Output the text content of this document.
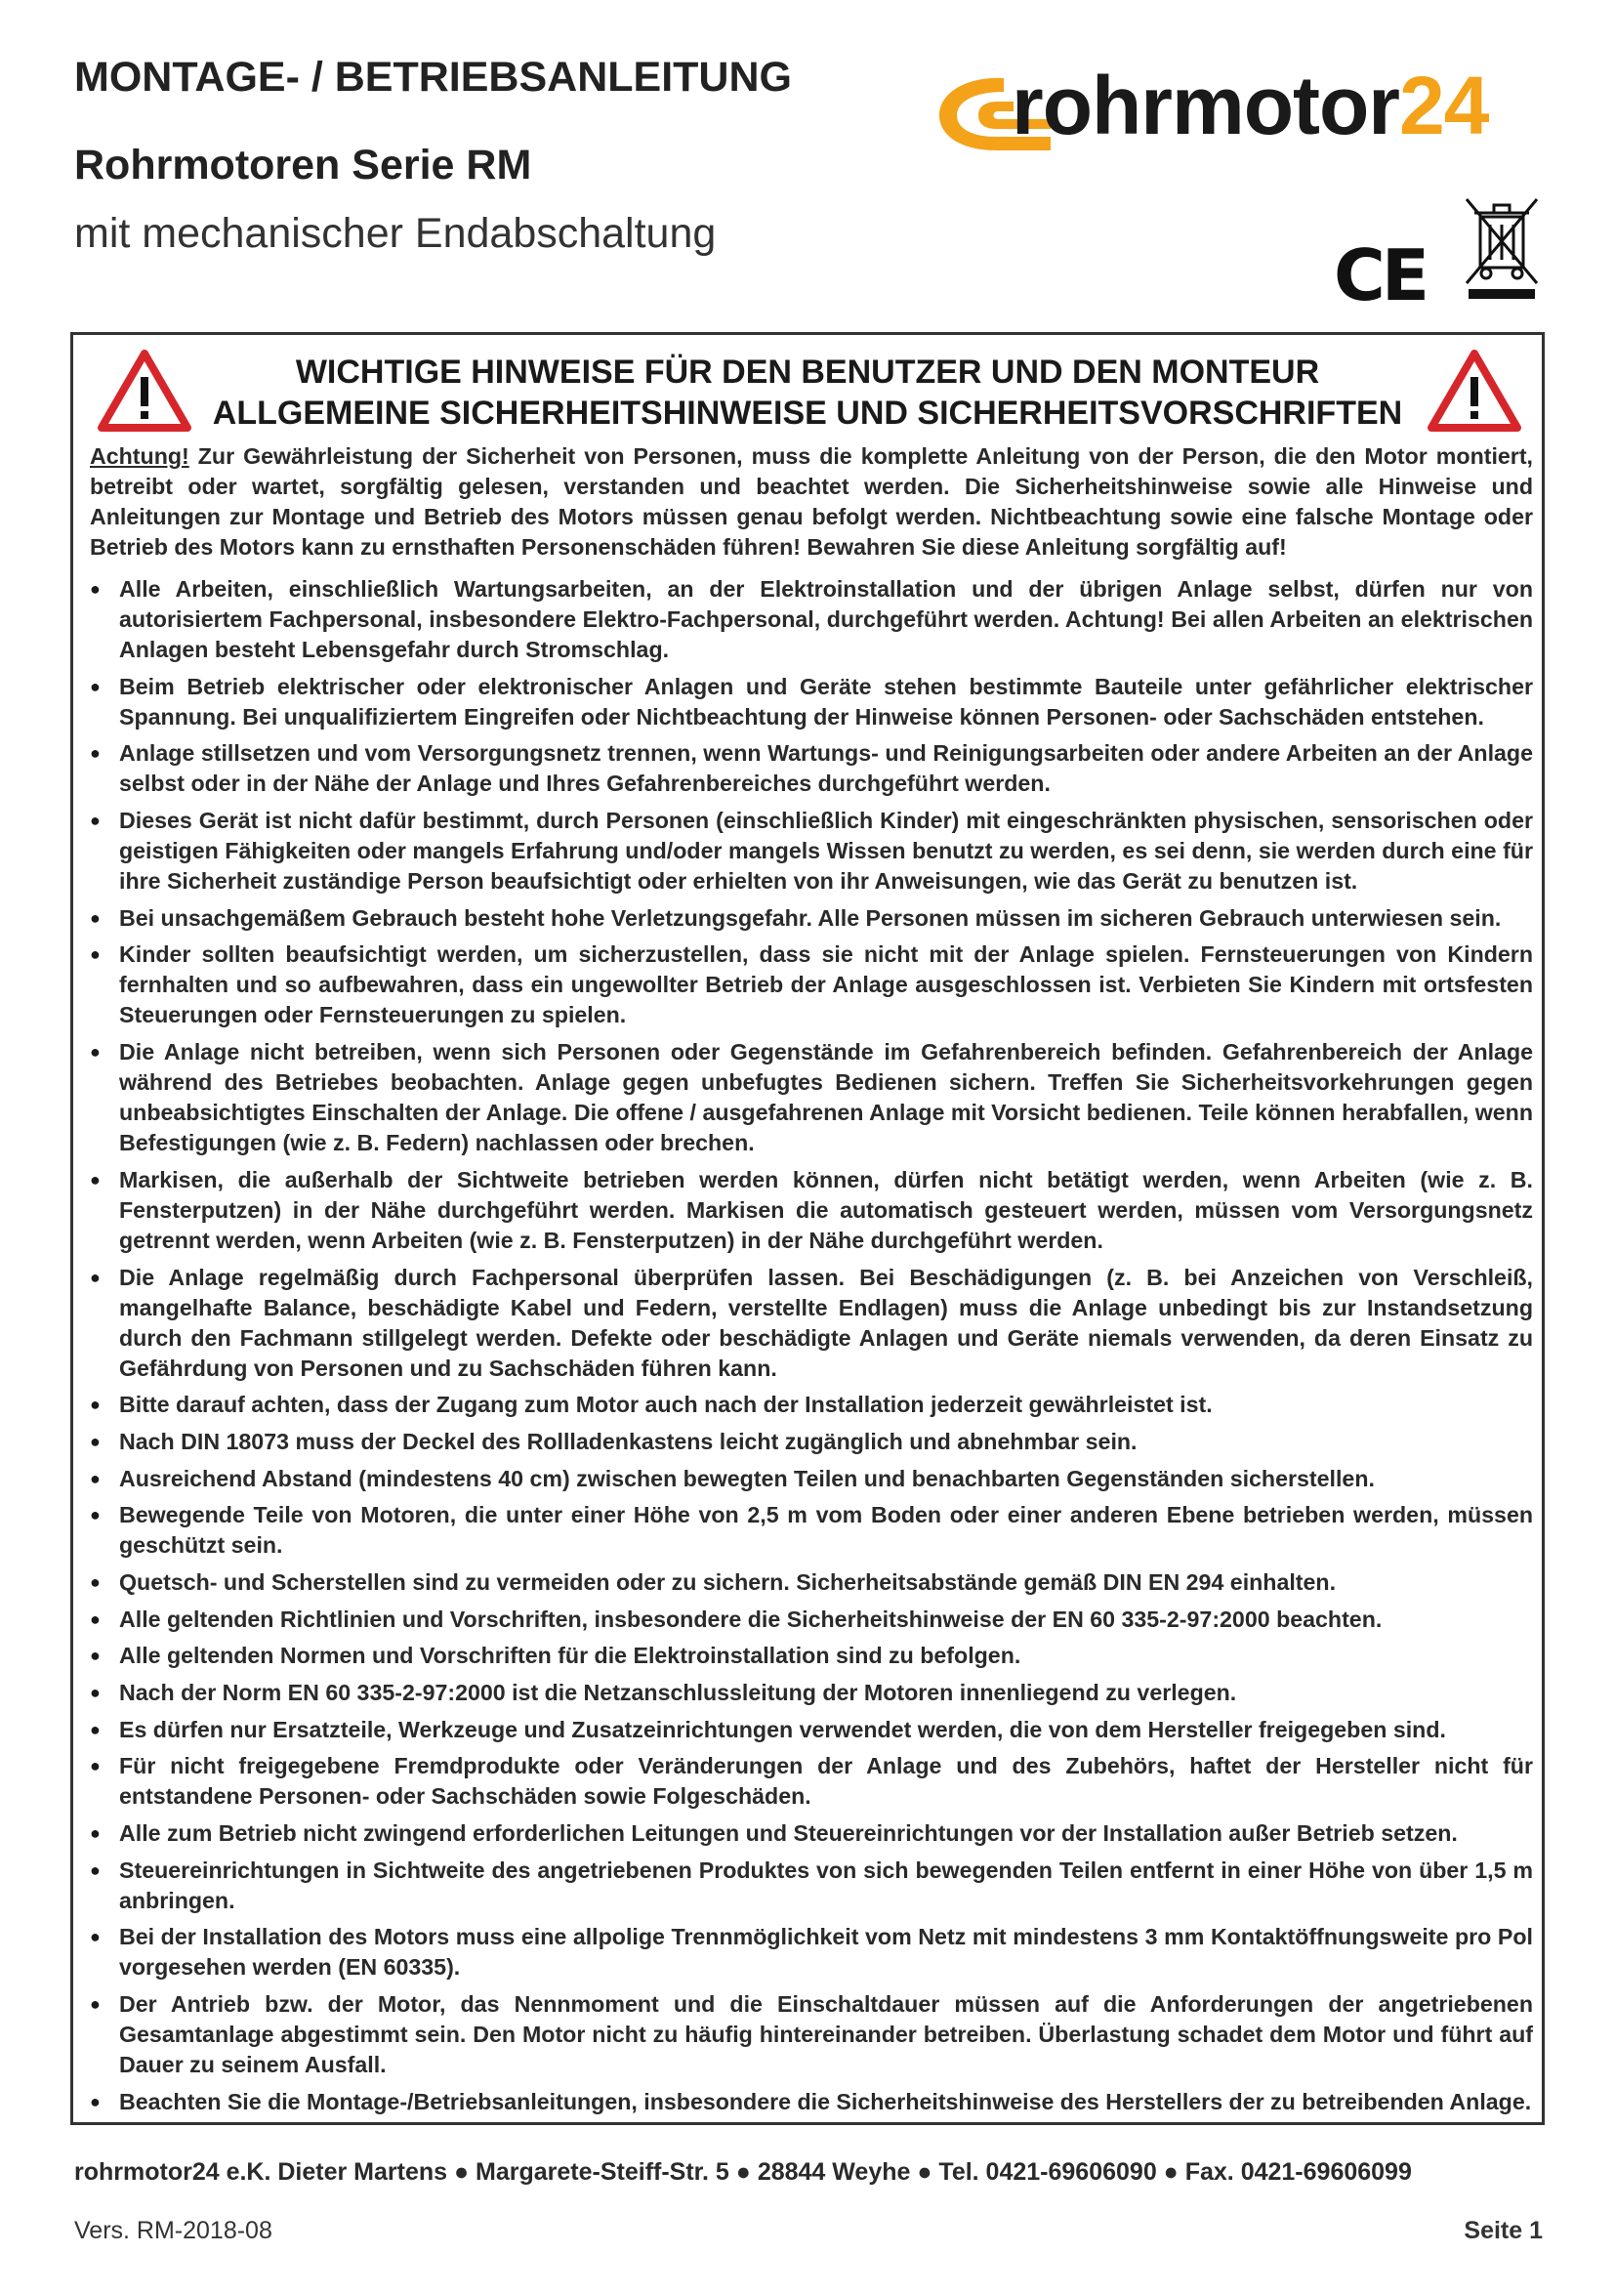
MONTAGE- / BETRIEBSANLEITUNG
Rohrmotoren Serie RM
mit mechanischer Endabschaltung
rohrmotor24
CE
WICHTIGE HINWEISE FÜR DEN BENUTZER UND DEN MONTEUR
ALLGEMEINE SICHERHEITSHINWEISE UND SICHERHEITSVORSCHRIFTEN
Achtung! Zur Gewährleistung der Sicherheit von Personen, muss die komplette Anleitung von der Person, die den Motor montiert, betreibt oder wartet, sorgfältig gelesen, verstanden und beachtet werden. Die Sicherheitshinweise sowie alle Hinweise und Anleitungen zur Montage und Betrieb des Motors müssen genau befolgt werden. Nichtbeachtung sowie eine falsche Montage oder Betrieb des Motors kann zu ernsthaften Personenschäden führen! Bewahren Sie diese Anleitung sorgfältig auf!
● Alle Arbeiten, einschließlich Wartungsarbeiten, an der Elektroinstallation und der übrigen Anlage selbst, dürfen nur von autorisiertem Fachpersonal, insbesondere Elektro-Fachpersonal, durchgeführt werden. Achtung! Bei allen Arbeiten an elektrischen Anlagen besteht Lebensgefahr durch Stromschlag.
● Beim Betrieb elektrischer oder elektronischer Anlagen und Geräte stehen bestimmte Bauteile unter gefährlicher elektrischer Spannung. Bei unqualifiziertem Eingreifen oder Nichtbeachtung der Hinweise können Personen- oder Sachschäden entstehen.
● Anlage stillsetzen und vom Versorgungsnetz trennen, wenn Wartungs- und Reinigungsarbeiten oder andere Arbeiten an der Anlage selbst oder in der Nähe der Anlage und Ihres Gefahrenbereiches durchgeführt werden.
● Dieses Gerät ist nicht dafür bestimmt, durch Personen (einschließlich Kinder) mit eingeschränkten physischen, sensorischen oder geistigen Fähigkeiten oder mangels Erfahrung und/oder mangels Wissen benutzt zu werden, es sei denn, sie werden durch eine für ihre Sicherheit zuständige Person beaufsichtigt oder erhielten von ihr Anweisungen, wie das Gerät zu benutzen ist.
● Bei unsachgemäßem Gebrauch besteht hohe Verletzungsgefahr. Alle Personen müssen im sicheren Gebrauch unterwiesen sein.
● Kinder sollten beaufsichtigt werden, um sicherzustellen, dass sie nicht mit der Anlage spielen. Fernsteuerungen von Kindern fernhalten und so aufbewahren, dass ein ungewollter Betrieb der Anlage ausgeschlossen ist. Verbieten Sie Kindern mit ortsfesten Steuerungen oder Fernsteuerungen zu spielen.
● Die Anlage nicht betreiben, wenn sich Personen oder Gegenstände im Gefahrenbereich befinden. Gefahrenbereich der Anlage während des Betriebes beobachten. Anlage gegen unbefugtes Bedienen sichern. Treffen Sie Sicherheitsvorkehrungen gegen unbeabsichtigtes Einschalten der Anlage. Die offene / ausgefahrenen Anlage mit Vorsicht bedienen. Teile können herabfallen, wenn Befestigungen (wie z. B. Federn) nachlassen oder brechen.
● Markisen, die außerhalb der Sichtweite betrieben werden können, dürfen nicht betätigt werden, wenn Arbeiten (wie z. B. Fensterputzen) in der Nähe durchgeführt werden. Markisen die automatisch gesteuert werden, müssen vom Versorgungsnetz getrennt werden, wenn Arbeiten (wie z. B. Fensterputzen) in der Nähe durchgeführt werden.
● Die Anlage regelmäßig durch Fachpersonal überprüfen lassen. Bei Beschädigungen (z. B. bei Anzeichen von Verschleiß, mangelhafte Balance, beschädigte Kabel und Federn, verstellte Endlagen) muss die Anlage unbedingt bis zur Instandsetzung durch den Fachmann stillgelegt werden. Defekte oder beschädigte Anlagen und Geräte niemals verwenden, da deren Einsatz zu Gefährdung von Personen und zu Sachschäden führen kann.
● Bitte darauf achten, dass der Zugang zum Motor auch nach der Installation jederzeit gewährleistet ist.
● Nach DIN 18073 muss der Deckel des Rollladenkastens leicht zugänglich und abnehmbar sein.
● Ausreichend Abstand (mindestens 40 cm) zwischen bewegten Teilen und benachbarten Gegenständen sicherstellen.
● Bewegende Teile von Motoren, die unter einer Höhe von 2,5 m vom Boden oder einer anderen Ebene betrieben werden, müssen geschützt sein.
● Quetsch- und Scherstellen sind zu vermeiden oder zu sichern. Sicherheitsabstände gemäß DIN EN 294 einhalten.
● Alle geltenden Richtlinien und Vorschriften, insbesondere die Sicherheitshinweise der EN 60 335-2-97:2000 beachten.
● Alle geltenden Normen und Vorschriften für die Elektroinstallation sind zu befolgen.
● Nach der Norm EN 60 335-2-97:2000 ist die Netzanschlussleitung der Motoren innenliegend zu verlegen.
● Es dürfen nur Ersatzteile, Werkzeuge und Zusatzeinrichtungen verwendet werden, die von dem Hersteller freigegeben sind.
● Für nicht freigegebene Fremdprodukte oder Veränderungen der Anlage und des Zubehörs, haftet der Hersteller nicht für entstandene Personen- oder Sachschäden sowie Folgeschäden.
● Alle zum Betrieb nicht zwingend erforderlichen Leitungen und Steuereinrichtungen vor der Installation außer Betrieb setzen.
● Steuereinrichtungen in Sichtweite des angetriebenen Produktes von sich bewegenden Teilen entfernt in einer Höhe von über 1,5 m anbringen.
● Bei der Installation des Motors muss eine allpolige Trennmöglichkeit vom Netz mit mindestens 3 mm Kontaktöffnungsweite pro Pol vorgesehen werden (EN 60335).
● Der Antrieb bzw. der Motor, das Nennmoment und die Einschaltdauer müssen auf die Anforderungen der angetriebenen Gesamtanlage abgestimmt sein. Den Motor nicht zu häufig hintereinander betreiben. Überlastung schadet dem Motor und führt auf Dauer zu seinem Ausfall.
● Beachten Sie die Montage-/Betriebsanleitungen, insbesondere die Sicherheitshinweise des Herstellers der zu betreibenden Anlage.
rohrmotor24 e.K. Dieter Martens ● Margarete-Steiff-Str. 5 ● 28844 Weyhe ● Tel. 0421-69606090 ● Fax. 0421-69606099
Vers. RM-2018-08	Seite 1
